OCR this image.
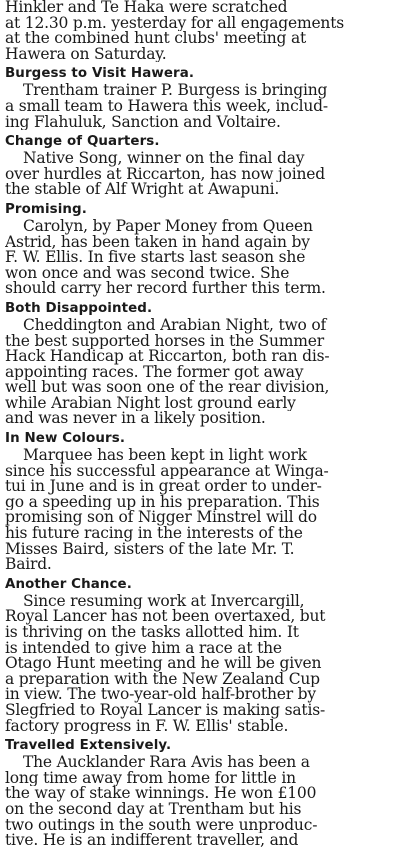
Hinkler and Te Haka were scratched
at 12.30 p.m. yesterday for all engagements
at the combined hunt clubs' meeting at
Hawera on Saturday.

Burgess to Visit Hawera.

Trentham trainer P. Burgess is bringing
a small team to Hawera this week, includ-
ing Flahuluk, Sanction and Voltaire.

Change of Quarters.

Native Song, winner on the final day
over hurdles at Riccarton, has now joined
the stable of Alf Wright at Awapuni.

Promising.

Carolyn, by Paper Money from Queen
Astrid, has been taken in hand again by
F. W. Ellis. In five starts last season she
won once and was second twice. She
should carry her record further this term.

Both Disappointed.

Cheddington and Arabian Night, two of
the best supported horses in the Summer
Hack Handicap at Riccarton, both ran dis-
appointing races. The former got away
well but was soon one of the rear division,
while Arabian Night lost ground early
and was never in a likely position.

In New Colours.

Marquee has been kept in light work
since his successful appearance at Winga-
tui in June and is in great order to under-
go a speeding up in his preparation. This
promising son of Nigger Minstrel will do
his future racing in the interests of the
Misses Baird, sisters of the late Mr. T.
Baird.

Another Chance.

Since resuming work at Invercargill,
Royal Lancer has not been overtaxed, but
is thriving on the tasks allotted him. It
is intended to give him a race at the
Otago Hunt meeting and he will be given
a preparation with the New Zealand Cup
in view. The two-year-old half-brother by
Slegfried to Royal Lancer is making satis-
factory progress in F. W. Ellis' stable.

Travelled Extensively.

The Aucklander Rara Avis has been a
long time away from home for little in
the way of stake winnings. He won £100
on the second day at Trentham but his
two outings in the south were unproduc-
tive. He is an indifferent traveller, and
